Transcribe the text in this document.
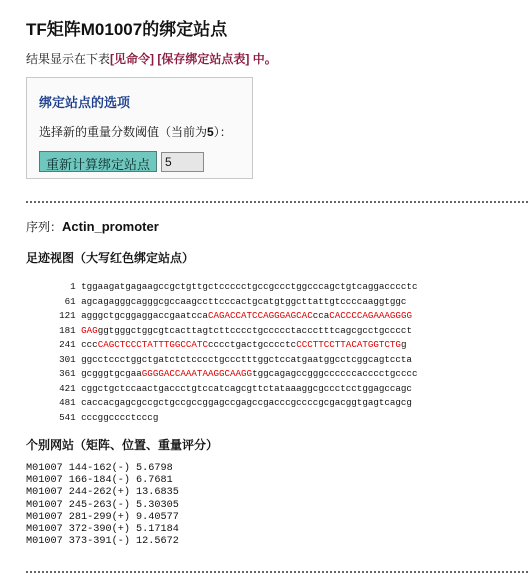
TF矩阵M01007的绑定站点
结果显示在下表[见命令] [保存绑定站点表] 中。
绑定站点的选项
选择新的重量分数阈值（当前为5）：
重新计算绑定站点
5
序列：Actin_promoter
足迹视图（大写红色绑定站点）
1 tggaagatgagaagccgctgttgctccccctgccgccctggcccagctgtcaggacccctc
61 agcagagggcagggcgccaagccttcccactgcatgtggcttattgtccccaaggtggc
121 agggctgcggaggaccgaatccaCAGACCATCCAGGGAGCACccaCACCCCAGAAAGGGG
181 GAGggtgggctggcgtcacttagtcttcccctgccccctaccctttcagcgcctgcccct
241 cccCAGCTCCCTATTTGGCCATCcccctgactgcccctcCCCTTCCTTACATGGTCTGg
301 ggcctccctggctgatctctcccctgccctttggctccatgaatggcctcggcagtccta
361 gcgggtgcgaaGGGGACCAAATAAGGCAAGGtggcagagccgggccccccacccctgcccc
421 cggctgctccaactgaccctgtccatcagcgttctataaaggcgccctcctggagccagc
481 caccacgagcgccgctgccgccggagccgagccgacccgccccgcgacggtgagtcagcg
541 cccggcccctcccg
个别网站（矩阵、位置、重量评分）
M01007 144-162(-) 5.6798
M01007 166-184(-) 6.7681
M01007 244-262(+) 13.6835
M01007 245-263(-) 5.30305
M01007 281-299(+) 9.40577
M01007 372-390(+) 5.17184
M01007 373-391(-) 12.5672
